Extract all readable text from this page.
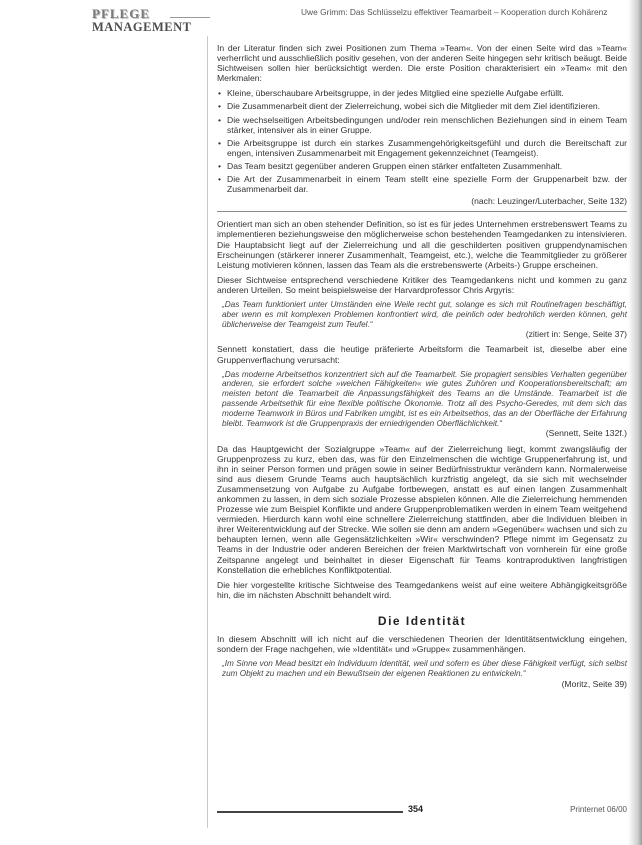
PFLEGE
MANAGEMENT
Uwe Grimm: Das Schlüsselzu effektiver Teamarbeit – Kooperation durch Kohärenz

In der Literatur finden sich zwei Positionen zum Thema »Team«. Von der einen Seite wird das »Team« verherrlicht und ausschließlich positiv gesehen, von der anderen Seite hingegen sehr kritisch beäugt. Beide Sichtweisen sollen hier berücksichtigt werden. Die erste Position charakterisiert ein »Team« mit den Merkmalen:

• Kleine, überschaubare Arbeitsgruppe, in der jedes Mitglied eine spezielle Aufgabe erfüllt.
• Die Zusammenarbeit dient der Zielerreichung, wobei sich die Mitglieder mit dem Ziel identifizieren.
• Die wechselseitigen Arbeitsbedingungen und/oder rein menschlichen Beziehungen sind in einem Team stärker, intensiver als in einer Gruppe.
• Die Arbeitsgruppe ist durch ein starkes Zusammengehörigkeitsgefühl und durch die Bereitschaft zur engen, intensiven Zusammenarbeit mit Engagement gekennzeichnet (Teamgeist).
• Das Team besitzt gegenüber anderen Gruppen einen stärker entfalteten Zusammenhalt.
• Die Art der Zusammenarbeit in einem Team stellt eine spezielle Form der Gruppenarbeit bzw. der Zusammenarbeit dar.
(nach: Leuzinger/Luterbacher, Seite 132)

Orientiert man sich an oben stehender Definition, so ist es für jedes Unternehmen erstrebenswert Teams zu implementieren beziehungsweise den möglicherweise schon bestehenden Teamgedanken zu intensivieren. Die Hauptabsicht liegt auf der Zielerreichung und all die geschilderten positiven gruppendynamischen Erscheinungen (stärkerer innerer Zusammenhalt, Teamgeist, etc.), welche die Teammitglieder zu größerer Leistung motivieren können, lassen das Team als die erstrebenswerte (Arbeits-) Gruppe erscheinen.

Dieser Sichtweise entsprechend verschiedene Kritiker des Teamgedankens nicht und kommen zu ganz anderen Urteilen. So meint beispielsweise der Harvardprofessor Chris Argyris:

„Das Team funktioniert unter Umständen eine Weile recht gut, solange es sich mit Routinefragen beschäftigt, aber wenn es mit komplexen Problemen konfrontiert wird, die peinlich oder bedrohlich werden können, geht üblicherweise der Teamgeist zum Teufel.“
(zitiert in: Senge, Seite 37)

Sennett konstatiert, dass die heutige präferierte Arbeitsform die Teamarbeit ist, dieselbe aber eine Gruppenverflachung verursacht:

„Das moderne Arbeitsethos konzentriert sich auf die Teamarbeit. Sie propagiert sensibles Verhalten gegenüber anderen, sie erfordert solche »weichen Fähigkeiten« wie gutes Zuhören und Kooperationsbereitschaft; am meisten betont die Teamarbeit die Anpassungsfähigkeit des Teams an die Umstände. Teamarbeit ist die passende Arbeitsethik für eine flexible politische Ökonomie. Trotz all des Psycho-Geredes, mit dem sich das moderne Teamwork in Büros und Fabriken umgibt, ist es ein Arbeitsethos, das an der Oberfläche der Erfahrung bleibt. Teamwork ist die Gruppenpraxis der erniedrigenden Oberflächlichkeit.“
(Sennett, Seite 132f.)

Da das Hauptgewicht der Sozialgruppe »Team« auf der Zielerreichung liegt, kommt zwangsläufig der Gruppenprozess zu kurz, eben das, was für den Einzelmenschen die wichtige Gruppenerfahrung ist, und ihn in seiner Person formen und prägen sowie in seiner Bedürfnisstruktur verändern kann. Normalerweise sind aus diesem Grunde Teams auch hauptsächlich kurzfristig angelegt, da sie sich mit wechselnder Zusammensetzung von Aufgabe zu Aufgabe fortbewegen, anstatt es auf einen langen Zusammenhalt ankommen zu lassen, in dem sich soziale Prozesse abspielen können. Alle die Zielerreichung hemmenden Prozesse wie zum Beispiel Konflikte und andere Gruppenproblematiken werden in einem Team weitgehend vermieden. Hierdurch kann wohl eine schnellere Zielerreichung stattfinden, aber die Individuen bleiben in ihrer Weiterentwicklung auf der Strecke. Wie sollen sie denn am andern »Gegenüber« wachsen und sich zu behaupten lernen, wenn alle Gegensätzlichkeiten »Wir« verschwinden? Pflege nimmt im Gegensatz zu Teams in der Industrie oder anderen Bereichen der freien Marktwirtschaft von vornherein für eine große Zeitspanne angelegt und beinhaltet in dieser Eigenschaft für Teams kontraproduktiven langfristigen Konstellation die erhebliches Konfliktpotential.

Die hier vorgestellte kritische Sichtweise des Teamgedankens weist auf eine weitere Abhängigkeitsgröße hin, die im nächsten Abschnitt behandelt wird.

Die Identität

In diesem Abschnitt will ich nicht auf die verschiedenen Theorien der Identitätsentwicklung eingehen, sondern der Frage nachgehen, wie »Identität« und »Gruppe« zusammenhängen.

„Im Sinne von Mead besitzt ein Individuum Identität, weil und sofern es über diese Fähigkeit verfügt, sich selbst zum Objekt zu machen und ein Bewußtsein der eigenen Reaktionen zu entwickeln.“
(Moritz, Seite 39)
354	Printernet 06/00
